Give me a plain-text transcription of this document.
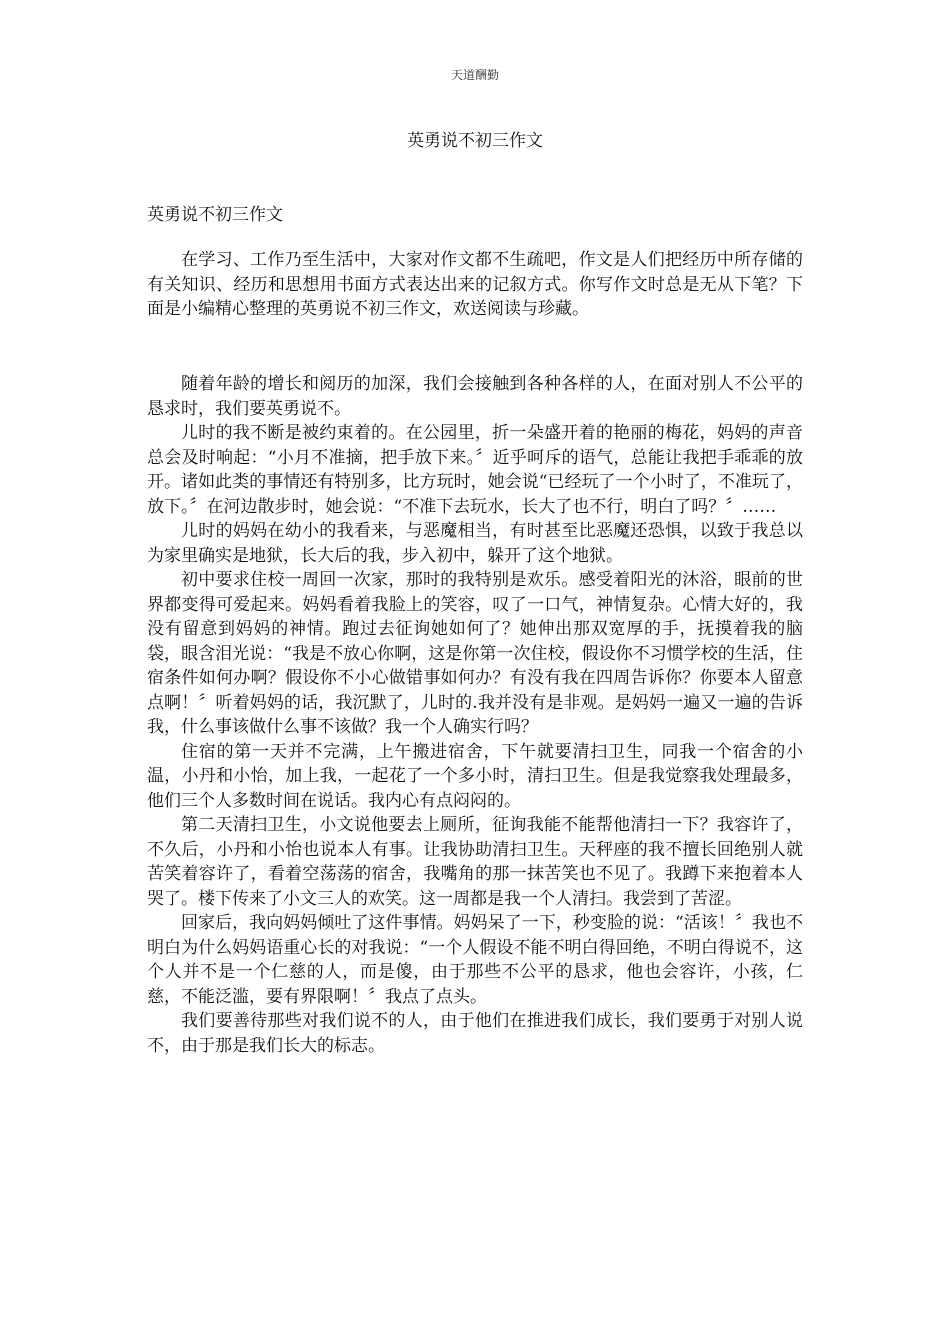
天道酬勤
英勇说不初三作文
英勇说不初三作文

在学习、工作乃至生活中，大家对作文都不生疏吧，作文是人们把经历中所存储的有关知识、经历和思想用书面方式表达出来的记叙方式。你写作文时总是无从下笔？下面是小编精心整理的英勇说不初三作文，欢送阅读与珍藏。

随着年龄的增长和阅历的加深，我们会接触到各种各样的人，在面对别人不公平的恳求时，我们要英勇说不。

儿时的我不断是被约束着的。在公园里，折一朵盛开着的艳丽的梅花，妈妈的声音总会及时响起：“小月不准摘，把手放下来。〞近乎呵斥的语气，总能让我把手乖乖的放开。诸如此类的事情还有特别多，比方玩时，她会说“已经玩了一个小时了，不准玩了，放下。〞在河边散步时，她会说：“不准下去玩水，长大了也不行，明白了吗？〞……

儿时的妈妈在幼小的我看来，与恶魔相当，有时甚至比恶魔还恐惧，以致于我总以为家里确实是地狱，长大后的我，步入初中，躲开了这个地狱。

初中要求住校一周回一次家，那时的我特别是欢乐。感受着阳光的沐浴，眼前的世界都变得可爱起来。妈妈看着我脸上的笑容，叹了一口气，神情复杂。心情大好的，我没有留意到妈妈的神情。跑过去征询她如何了？她伸出那双宽厚的手，抚摸着我的脑袋，眼含泪光说：“我是不放心你啊，这是你第一次住校，假设你不习惯学校的生活，住宿条件如何办啊？假设你不小心做错事如何办？有没有我在四周告诉你？你要本人留意点啊！〞听着妈妈的话，我沉默了，儿时的.我并没有是非观。是妈妈一遍又一遍的告诉我，什么事该做什么事不该做？我一个人确实行吗？

住宿的第一天并不完满，上午搬进宿舍，下午就要清扫卫生，同我一个宿舍的小温，小丹和小怡，加上我，一起花了一个多小时，清扫卫生。但是我觉察我处理最多，他们三个人多数时间在说话。我内心有点闷闷的。

第二天清扫卫生，小文说他要去上厕所，征询我能不能帮他清扫一下？我容许了，不久后，小丹和小怡也说本人有事。让我协助清扫卫生。天秤座的我不擅长回绝别人就苦笑着容许了，看着空荡荡的宿舍，我嘴角的那一抹苦笑也不见了。我蹲下来抱着本人哭了。楼下传来了小文三人的欢笑。这一周都是我一个人清扫。我尝到了苦涩。

回家后，我向妈妈倾吐了这件事情。妈妈呆了一下，秒变脸的说：“活该！〞我也不明白为什么妈妈语重心长的对我说：“一个人假设不能不明白得回绝，不明白得说不，这个人并不是一个仁慈的人，而是傻，由于那些不公平的恳求，他也会容许，小孩，仁慈，不能泛滥，要有界限啊！〞我点了点头。

我们要善待那些对我们说不的人，由于他们在推进我们成长，我们要勇于对别人说不，由于那是我们长大的标志。
